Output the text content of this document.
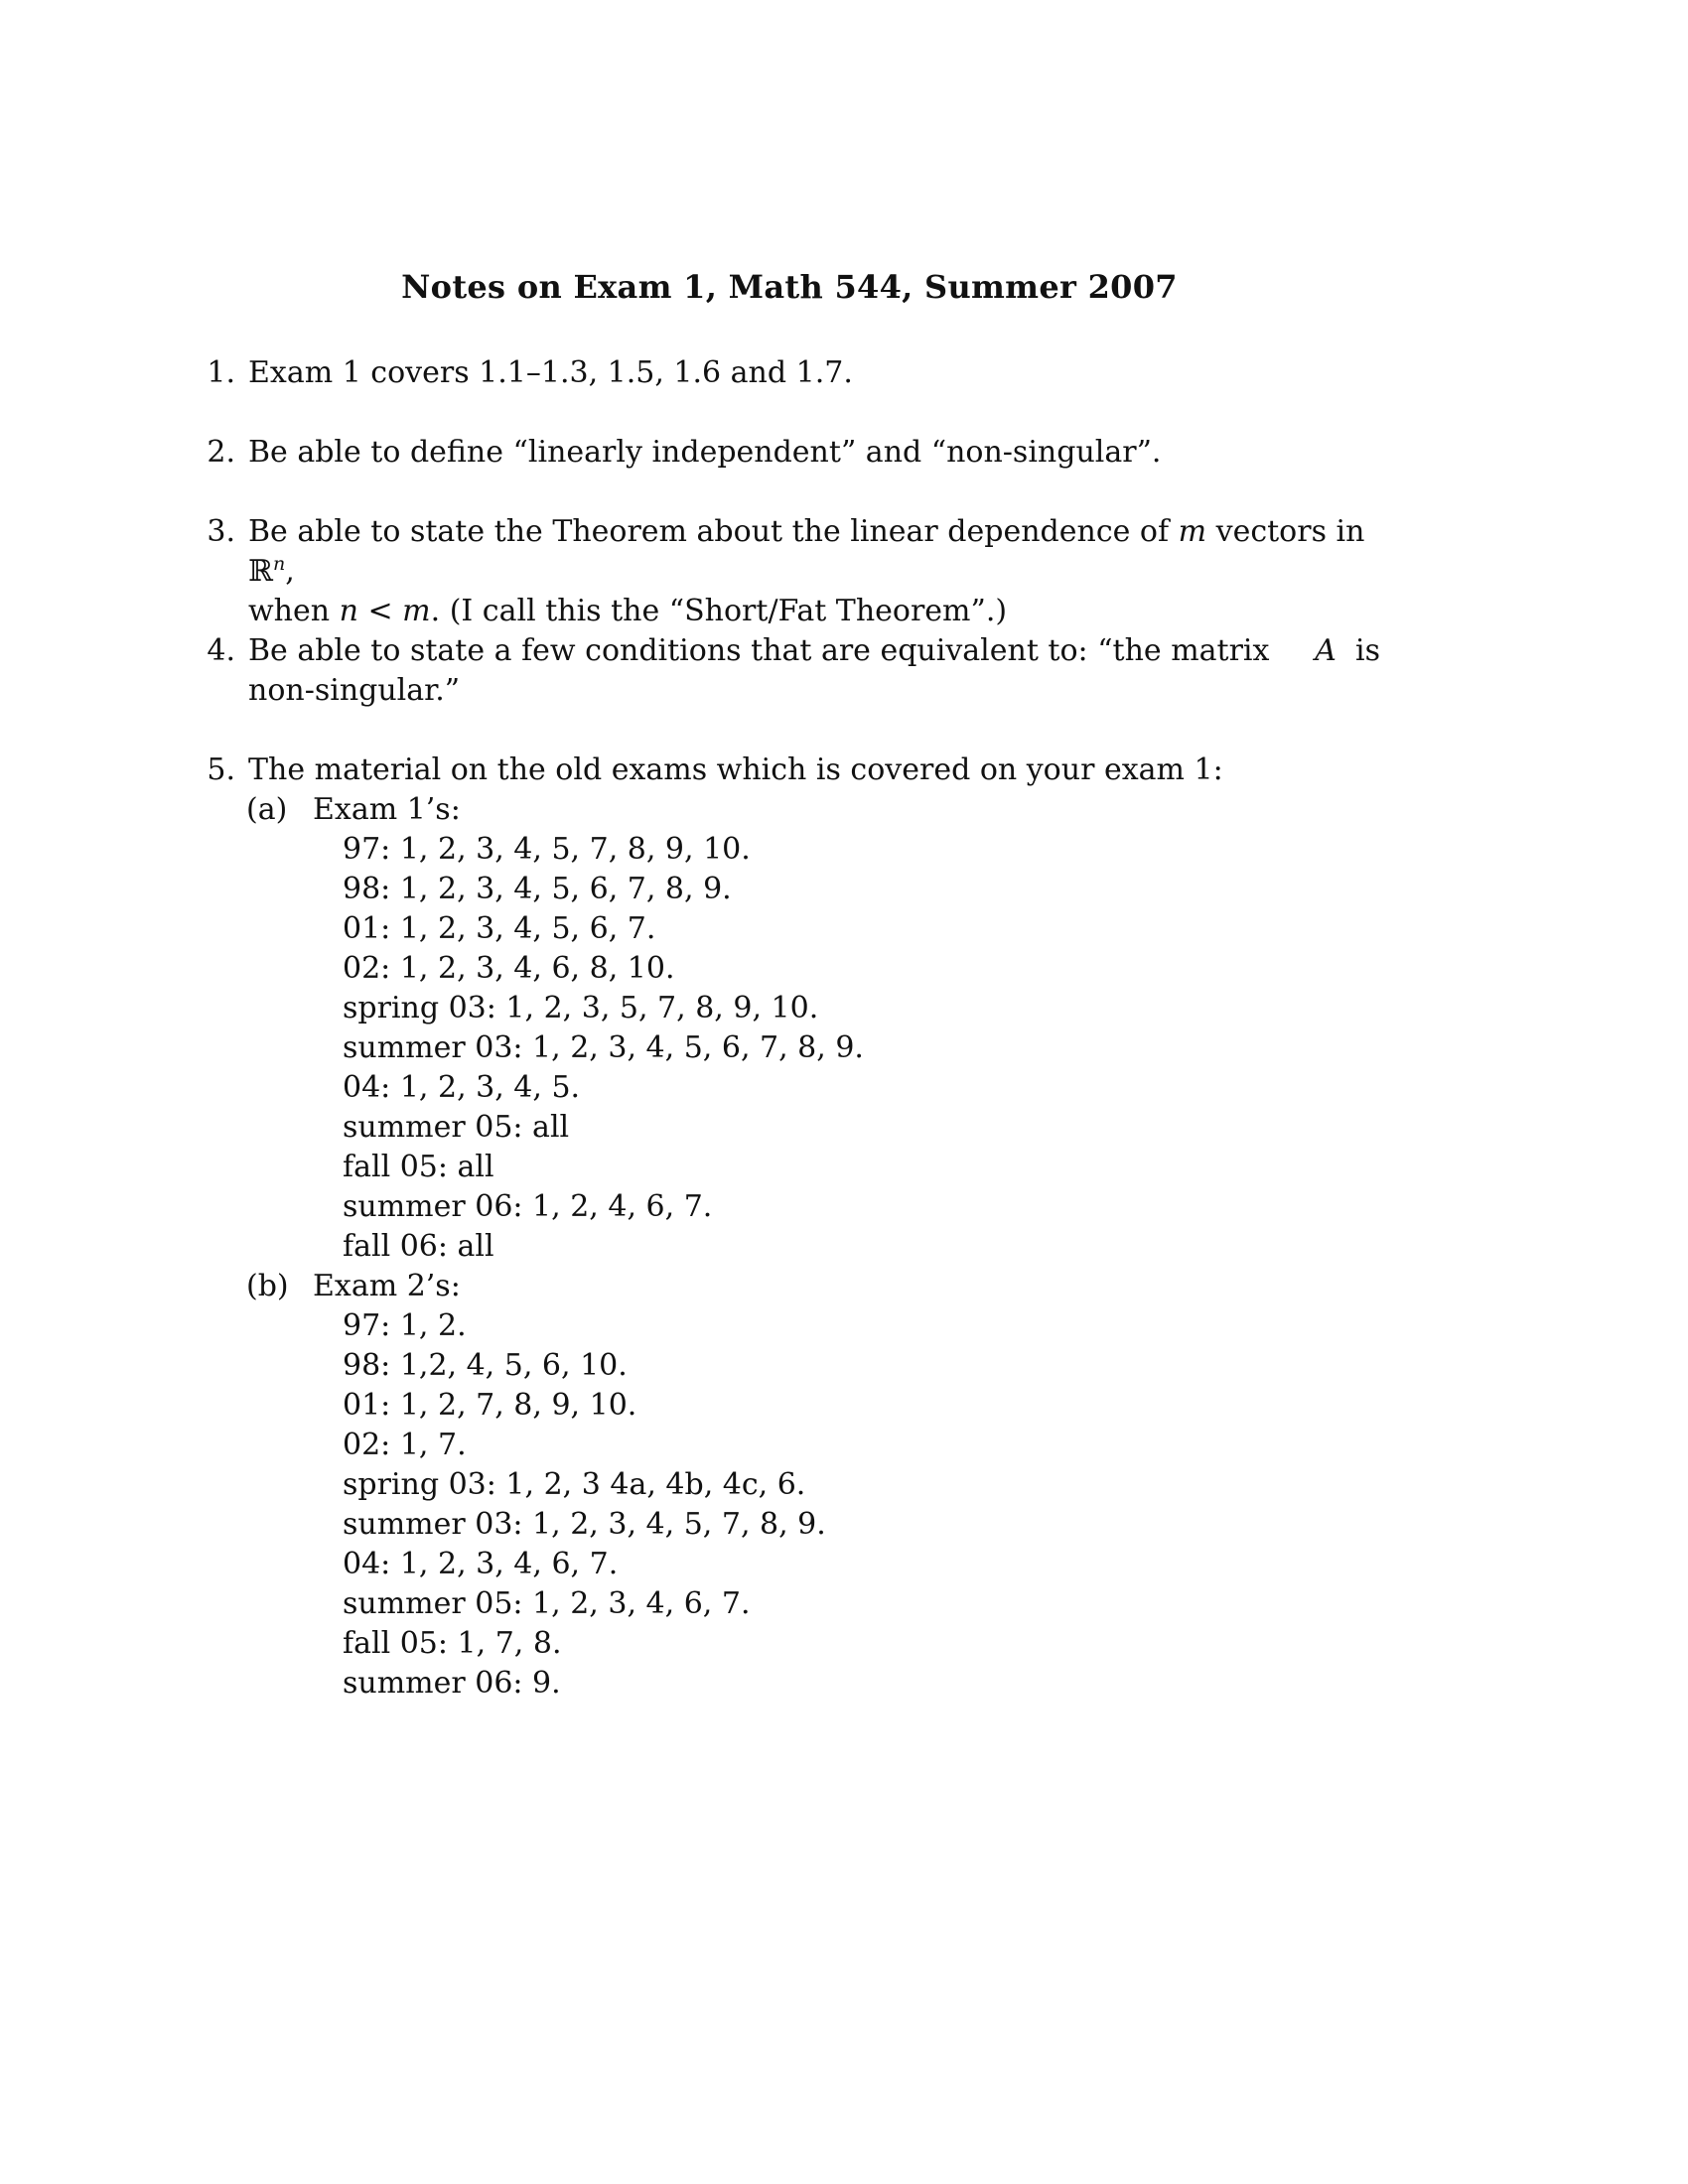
Notes on Exam 1, Math 544, Summer 2007
1. Exam 1 covers 1.1–1.3, 1.5, 1.6 and 1.7.
2. Be able to define “linearly independent” and “non-singular”.
3. Be able to state the Theorem about the linear dependence of m vectors in ℝ$^n$,
when n < m. (I call this the “Short/Fat Theorem”.)
4. Be able to state a few conditions that are equivalent to: “the matrix A is
non-singular.”
5. The material on the old exams which is covered on your exam 1:
(a) Exam 1’s:
97: 1, 2, 3, 4, 5, 7, 8, 9, 10.
98: 1, 2, 3, 4, 5, 6, 7, 8, 9.
01: 1, 2, 3, 4, 5, 6, 7.
02: 1, 2, 3, 4, 6, 8, 10.
spring 03: 1, 2, 3, 5, 7, 8, 9, 10.
summer 03: 1, 2, 3, 4, 5, 6, 7, 8, 9.
04: 1, 2, 3, 4, 5.
summer 05: all
fall 05: all
summer 06: 1, 2, 4, 6, 7.
fall 06: all
(b) Exam 2’s:
97: 1, 2.
98: 1,2, 4, 5, 6, 10.
01: 1, 2, 7, 8, 9, 10.
02: 1, 7.
spring 03: 1, 2, 3 4a, 4b, 4c, 6.
summer 03: 1, 2, 3, 4, 5, 7, 8, 9.
04: 1, 2, 3, 4, 6, 7.
summer 05: 1, 2, 3, 4, 6, 7.
fall 05: 1, 7, 8.
summer 06: 9.
